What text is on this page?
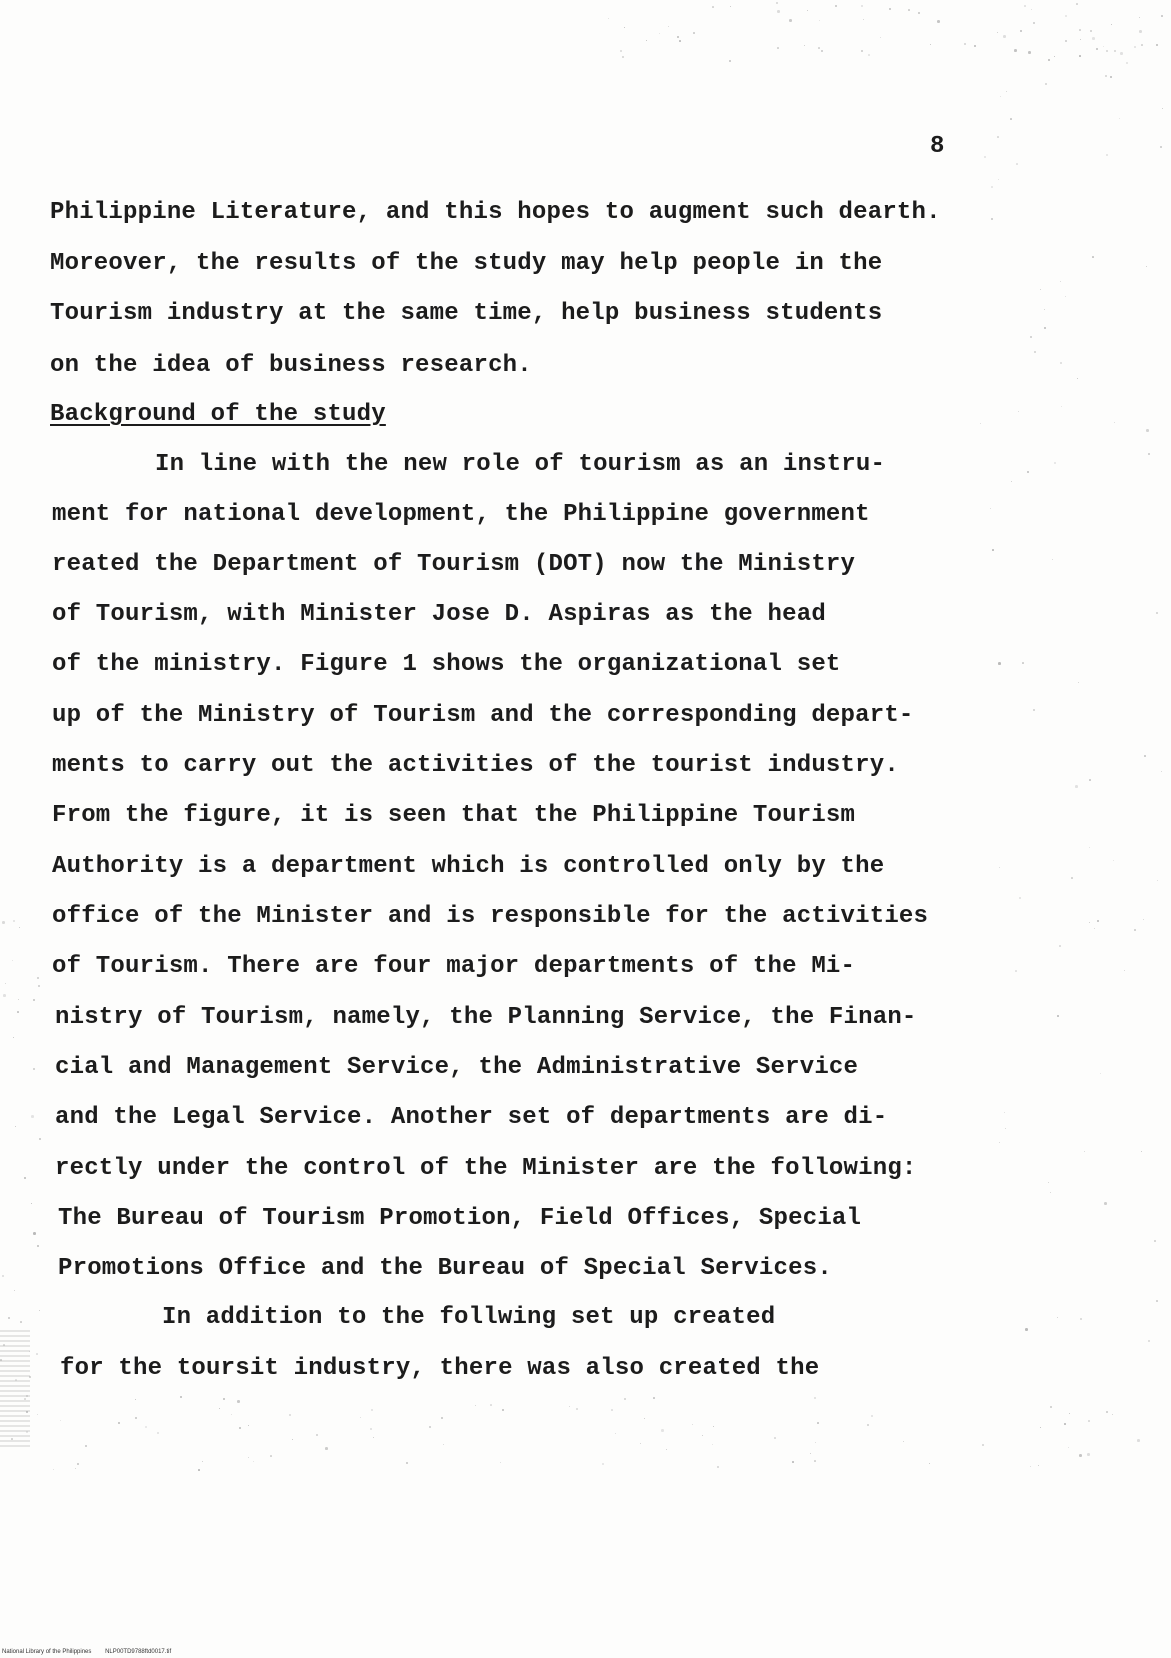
8
Philippine Literature, and this hopes to augment such dearth.
Moreover, the results of the study may help people in the
Tourism industry at the same time, help business students
on the idea of business research.
Background of the study
In line with the new role of tourism as an instru-
ment for national development, the Philippine government
reated the Department of Tourism (DOT) now the Ministry
of Tourism, with Minister Jose D. Aspiras as the head
of the ministry. Figure 1 shows the organizational set
up of the Ministry of Tourism and the corresponding depart-
ments to carry out the activities of the tourist industry.
From the figure, it is seen that the Philippine Tourism
Authority is a department which is controlled only by the
office of the Minister and is responsible for the activities
of Tourism. There are four major departments of the Mi-
nistry of Tourism, namely, the Planning Service, the Finan-
cial and Management Service, the Administrative Service
and the Legal Service. Another set of departments are di-
rectly under the control of the Minister are the following:
The Bureau of Tourism Promotion, Field Offices, Special
Promotions Office and the Bureau of Special Services.
In addition to the follwing set up created
for the toursit industry, there was also created the
National Library of the Philippines NLP00TD9788ftd0017.tif
